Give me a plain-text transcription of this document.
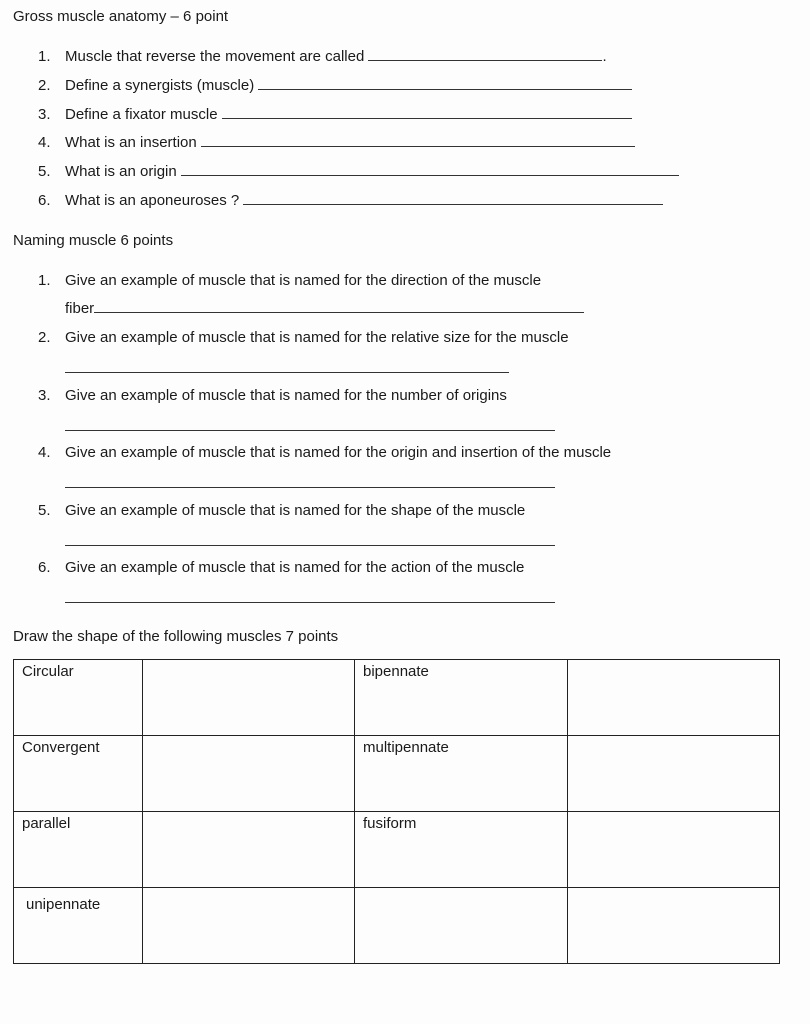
Gross muscle anatomy – 6 point
1. Muscle that reverse the movement are called	.
2. Define a synergists (muscle)
3. Define a fixator muscle
4. What is an insertion
5. What is an origin
6. What is an aponeuroses ?
Naming muscle 6 points
1. Give an example of muscle that is named for the direction of the muscle
fiber
2. Give an example of muscle that is named for the relative size for the muscle
3. Give an example of muscle that is named for the number of origins
4. Give an example of muscle that is named for the origin and insertion of the muscle
5. Give an example of muscle that is named for the shape of the muscle
6. Give an example of muscle that is named for the action of the muscle
Draw the shape of the following muscles 7 points
Circular		bipennate	
Convergent		multipennate	
parallel		fusiform	
unipennate			
